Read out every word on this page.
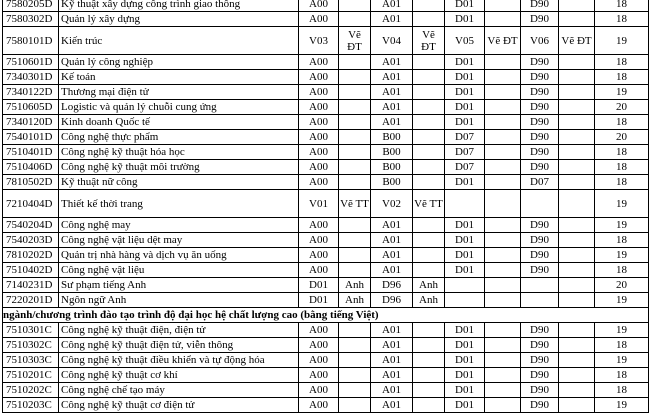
7580205D	Kỹ thuật xây dựng công trình giao thông	A00		A01		D01		D90		18
7580302D	Quản lý xây dựng	A00		A01		D01		D90		18
7580101D	Kiến trúc	V03	Vẽ ĐT	V04	Vẽ ĐT	V05	Vẽ ĐT	V06	Vẽ ĐT	19
7510601D	Quản lý công nghiệp	A00		A01		D01		D90		18
7340301D	Kế toán	A00		A01		D01		D90		18
7340122D	Thương mại điện tử	A00		A01		D01		D90		19
7510605D	Logistic và quản lý chuỗi cung ứng	A00		A01		D01		D90		20
7340120D	Kinh doanh Quốc tế	A00		A01		D01		D90		18
7540101D	Công nghệ thực phẩm	A00		B00		D07		D90		20
7510401D	Công nghệ kỹ thuật hóa học	A00		B00		D07		D90		18
7510406D	Công nghệ kỹ thuật môi trường	A00		B00		D07		D90		18
7810502D	Kỹ thuật nữ công	A00		B00		D01		D07		18
7210404D	Thiết kế thời trang	V01	Vẽ TT	V02	Vẽ TT					19
7540204D	Công nghệ may	A00		A01		D01		D90		19
7540203D	Công nghệ vật liệu dệt may	A00		A01		D01		D90		18
7810202D	Quản trị nhà hàng và dịch vụ ăn uống	A00		A01		D01		D90		19
7510402D	Công nghệ vật liệu	A00		A01		D01		D90		18
7140231D	Sư phạm tiếng Anh	D01	Anh	D96	Anh					20
7220201D	Ngôn ngữ Anh	D01	Anh	D96	Anh					19
ngành/chương trình đào tạo trình độ đại học hệ chất lượng cao (bằng tiếng Việt)										
7510301C	Công nghệ kỹ thuật điện, điện tử	A00		A01		D01		D90		19
7510302C	Công nghệ kỹ thuật điện tử, viễn thông	A00		A01		D01		D90		18
7510303C	Công nghệ kỹ thuật điều khiển và tự động hóa	A00		A01		D01		D90		19
7510201C	Công nghệ kỹ thuật cơ khí	A00		A01		D01		D90		18
7510202C	Công nghệ chế tạo máy	A00		A01		D01		D90		18
7510203C	Công nghệ kỹ thuật cơ điện tử	A00		A01		D01		D90		19
